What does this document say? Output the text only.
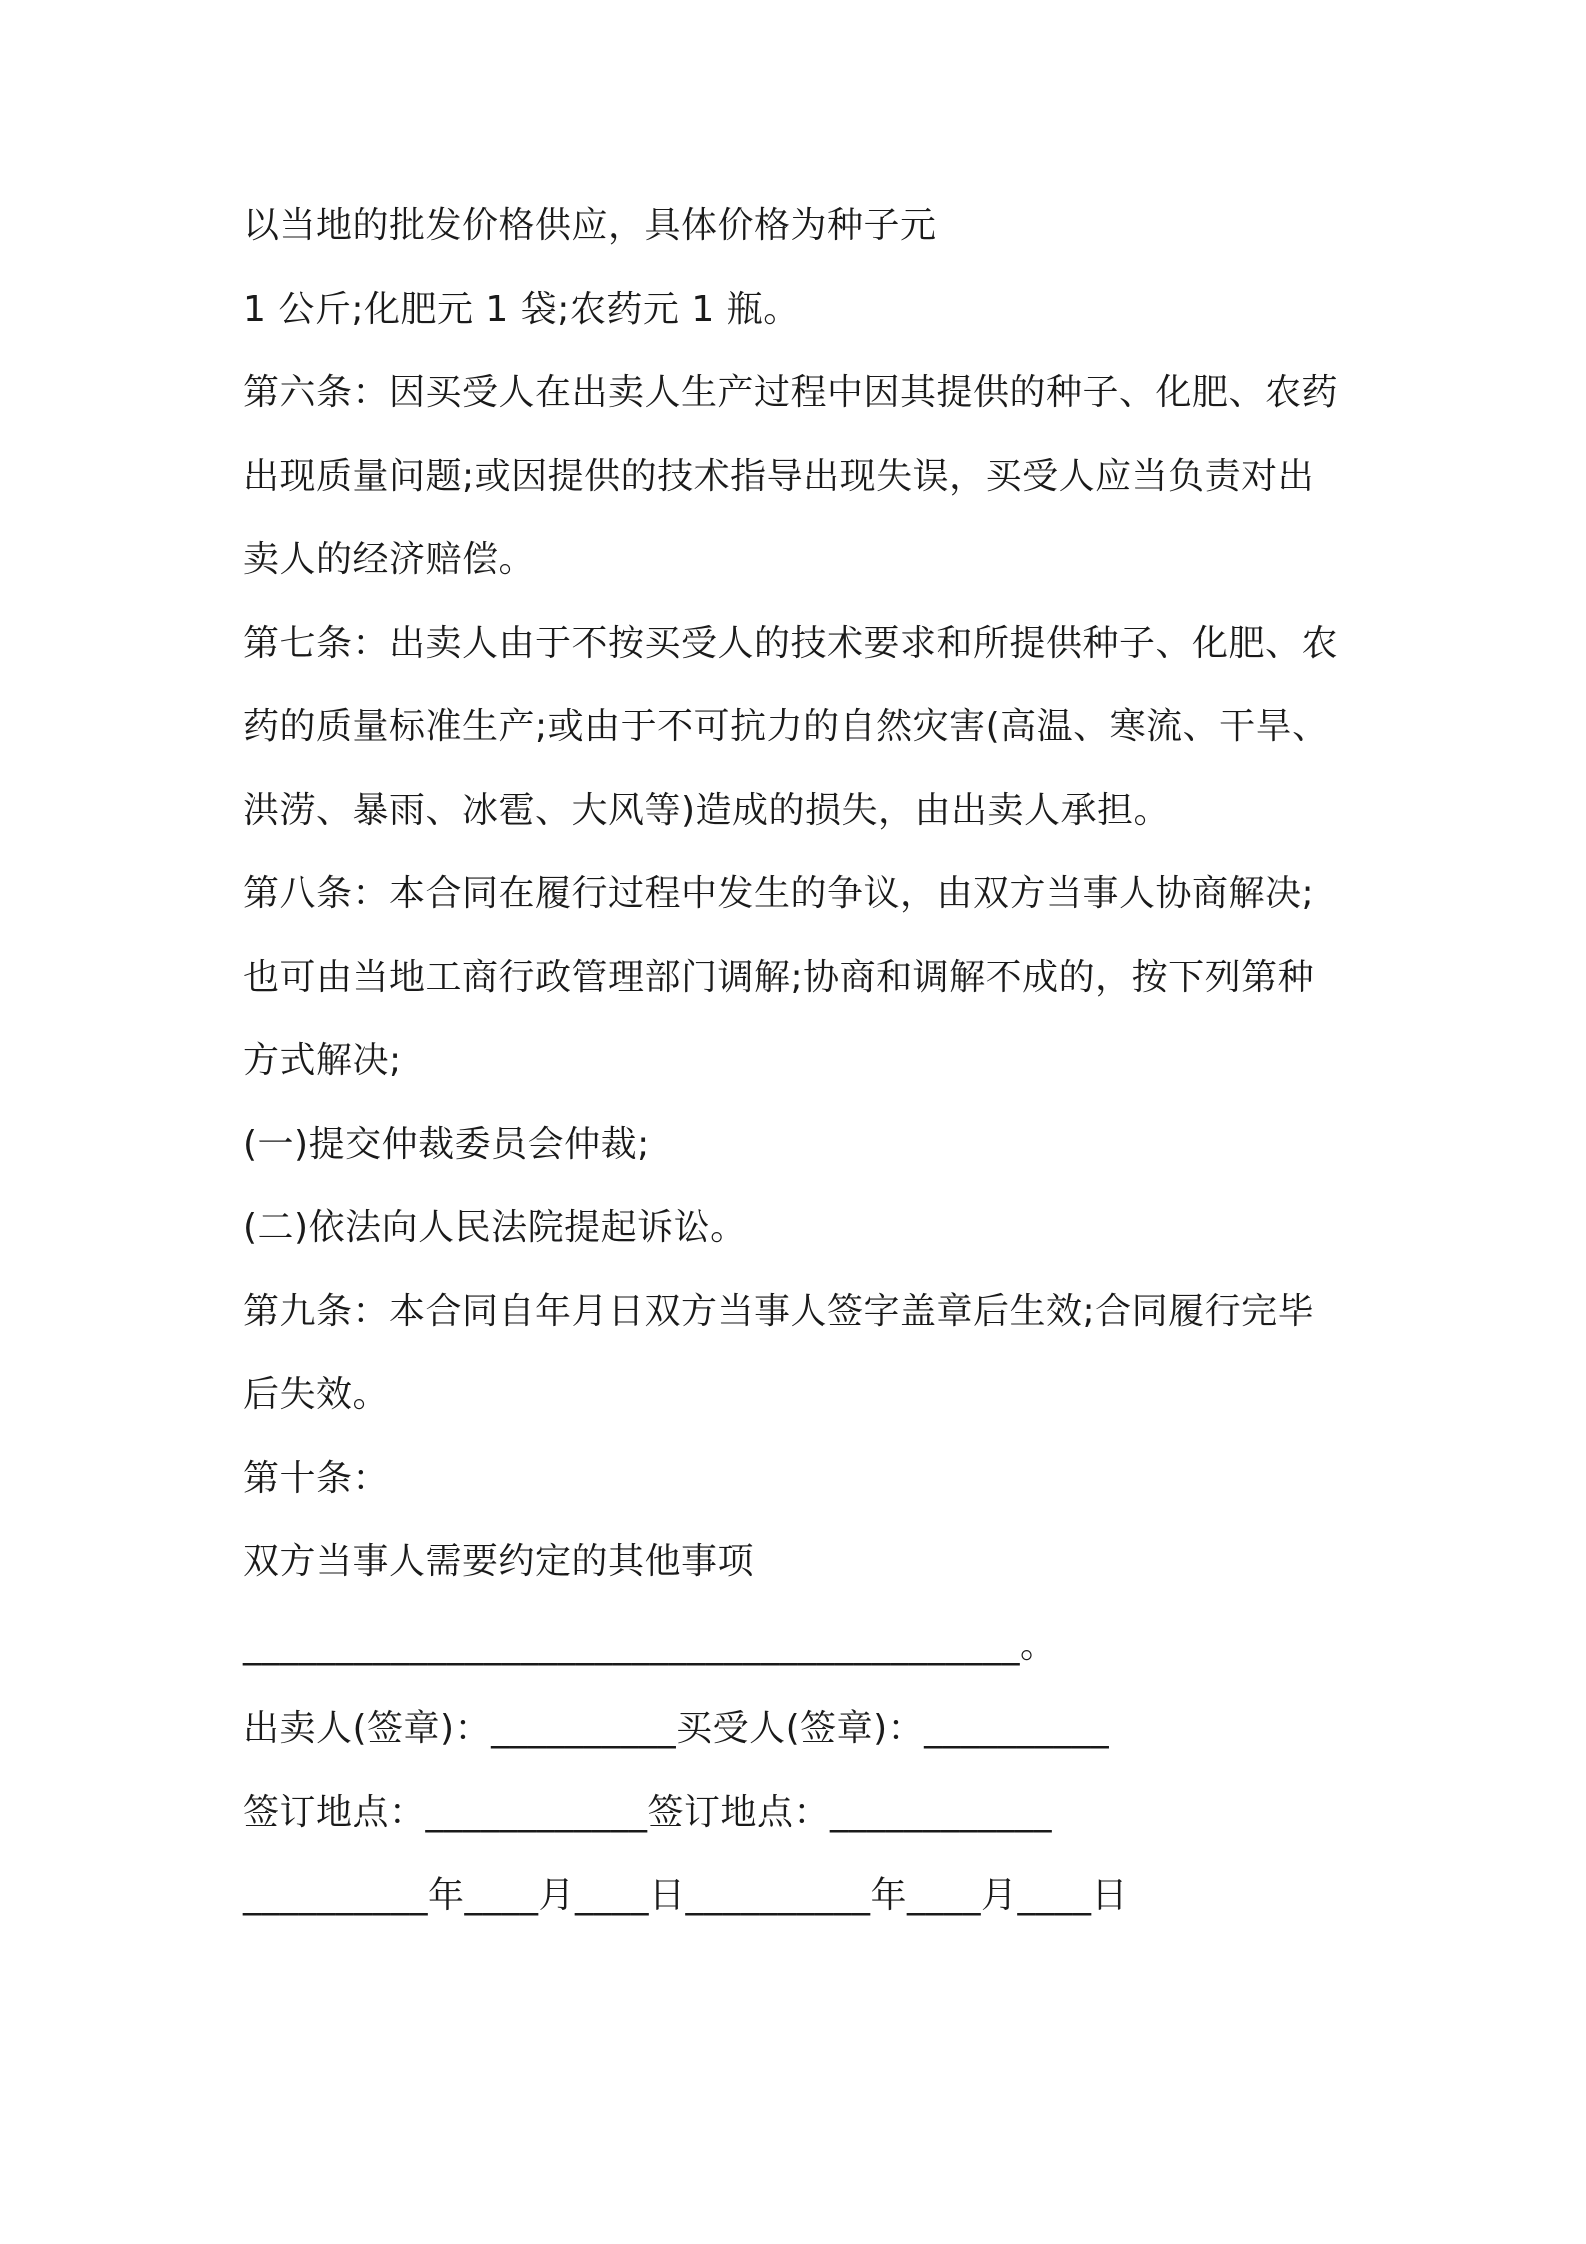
以当地的批发价格供应，具体价格为种子元
1 公斤;化肥元 1 袋;农药元 1 瓶。
第六条：因买受人在出卖人生产过程中因其提供的种子、化肥、农药
出现质量问题;或因提供的技术指导出现失误，买受人应当负责对出
卖人的经济赔偿。
第七条：出卖人由于不按买受人的技术要求和所提供种子、化肥、农
药的质量标准生产;或由于不可抗力的自然灾害(高温、寒流、干旱、
洪涝、暴雨、冰雹、大风等)造成的损失，由出卖人承担。
第八条：本合同在履行过程中发生的争议，由双方当事人协商解决;
也可由当地工商行政管理部门调解;协商和调解不成的，按下列第种
方式解决;
(一)提交仲裁委员会仲裁;
(二)依法向人民法院提起诉讼。
第九条：本合同自年月日双方当事人签字盖章后生效;合同履行完毕
后失效。
第十条：
双方当事人需要约定的其他事项
__________________________________________。
出卖人(签章)：__________买受人(签章)：__________
签订地点：____________签订地点：____________
__________年____月____日__________年____月____日
